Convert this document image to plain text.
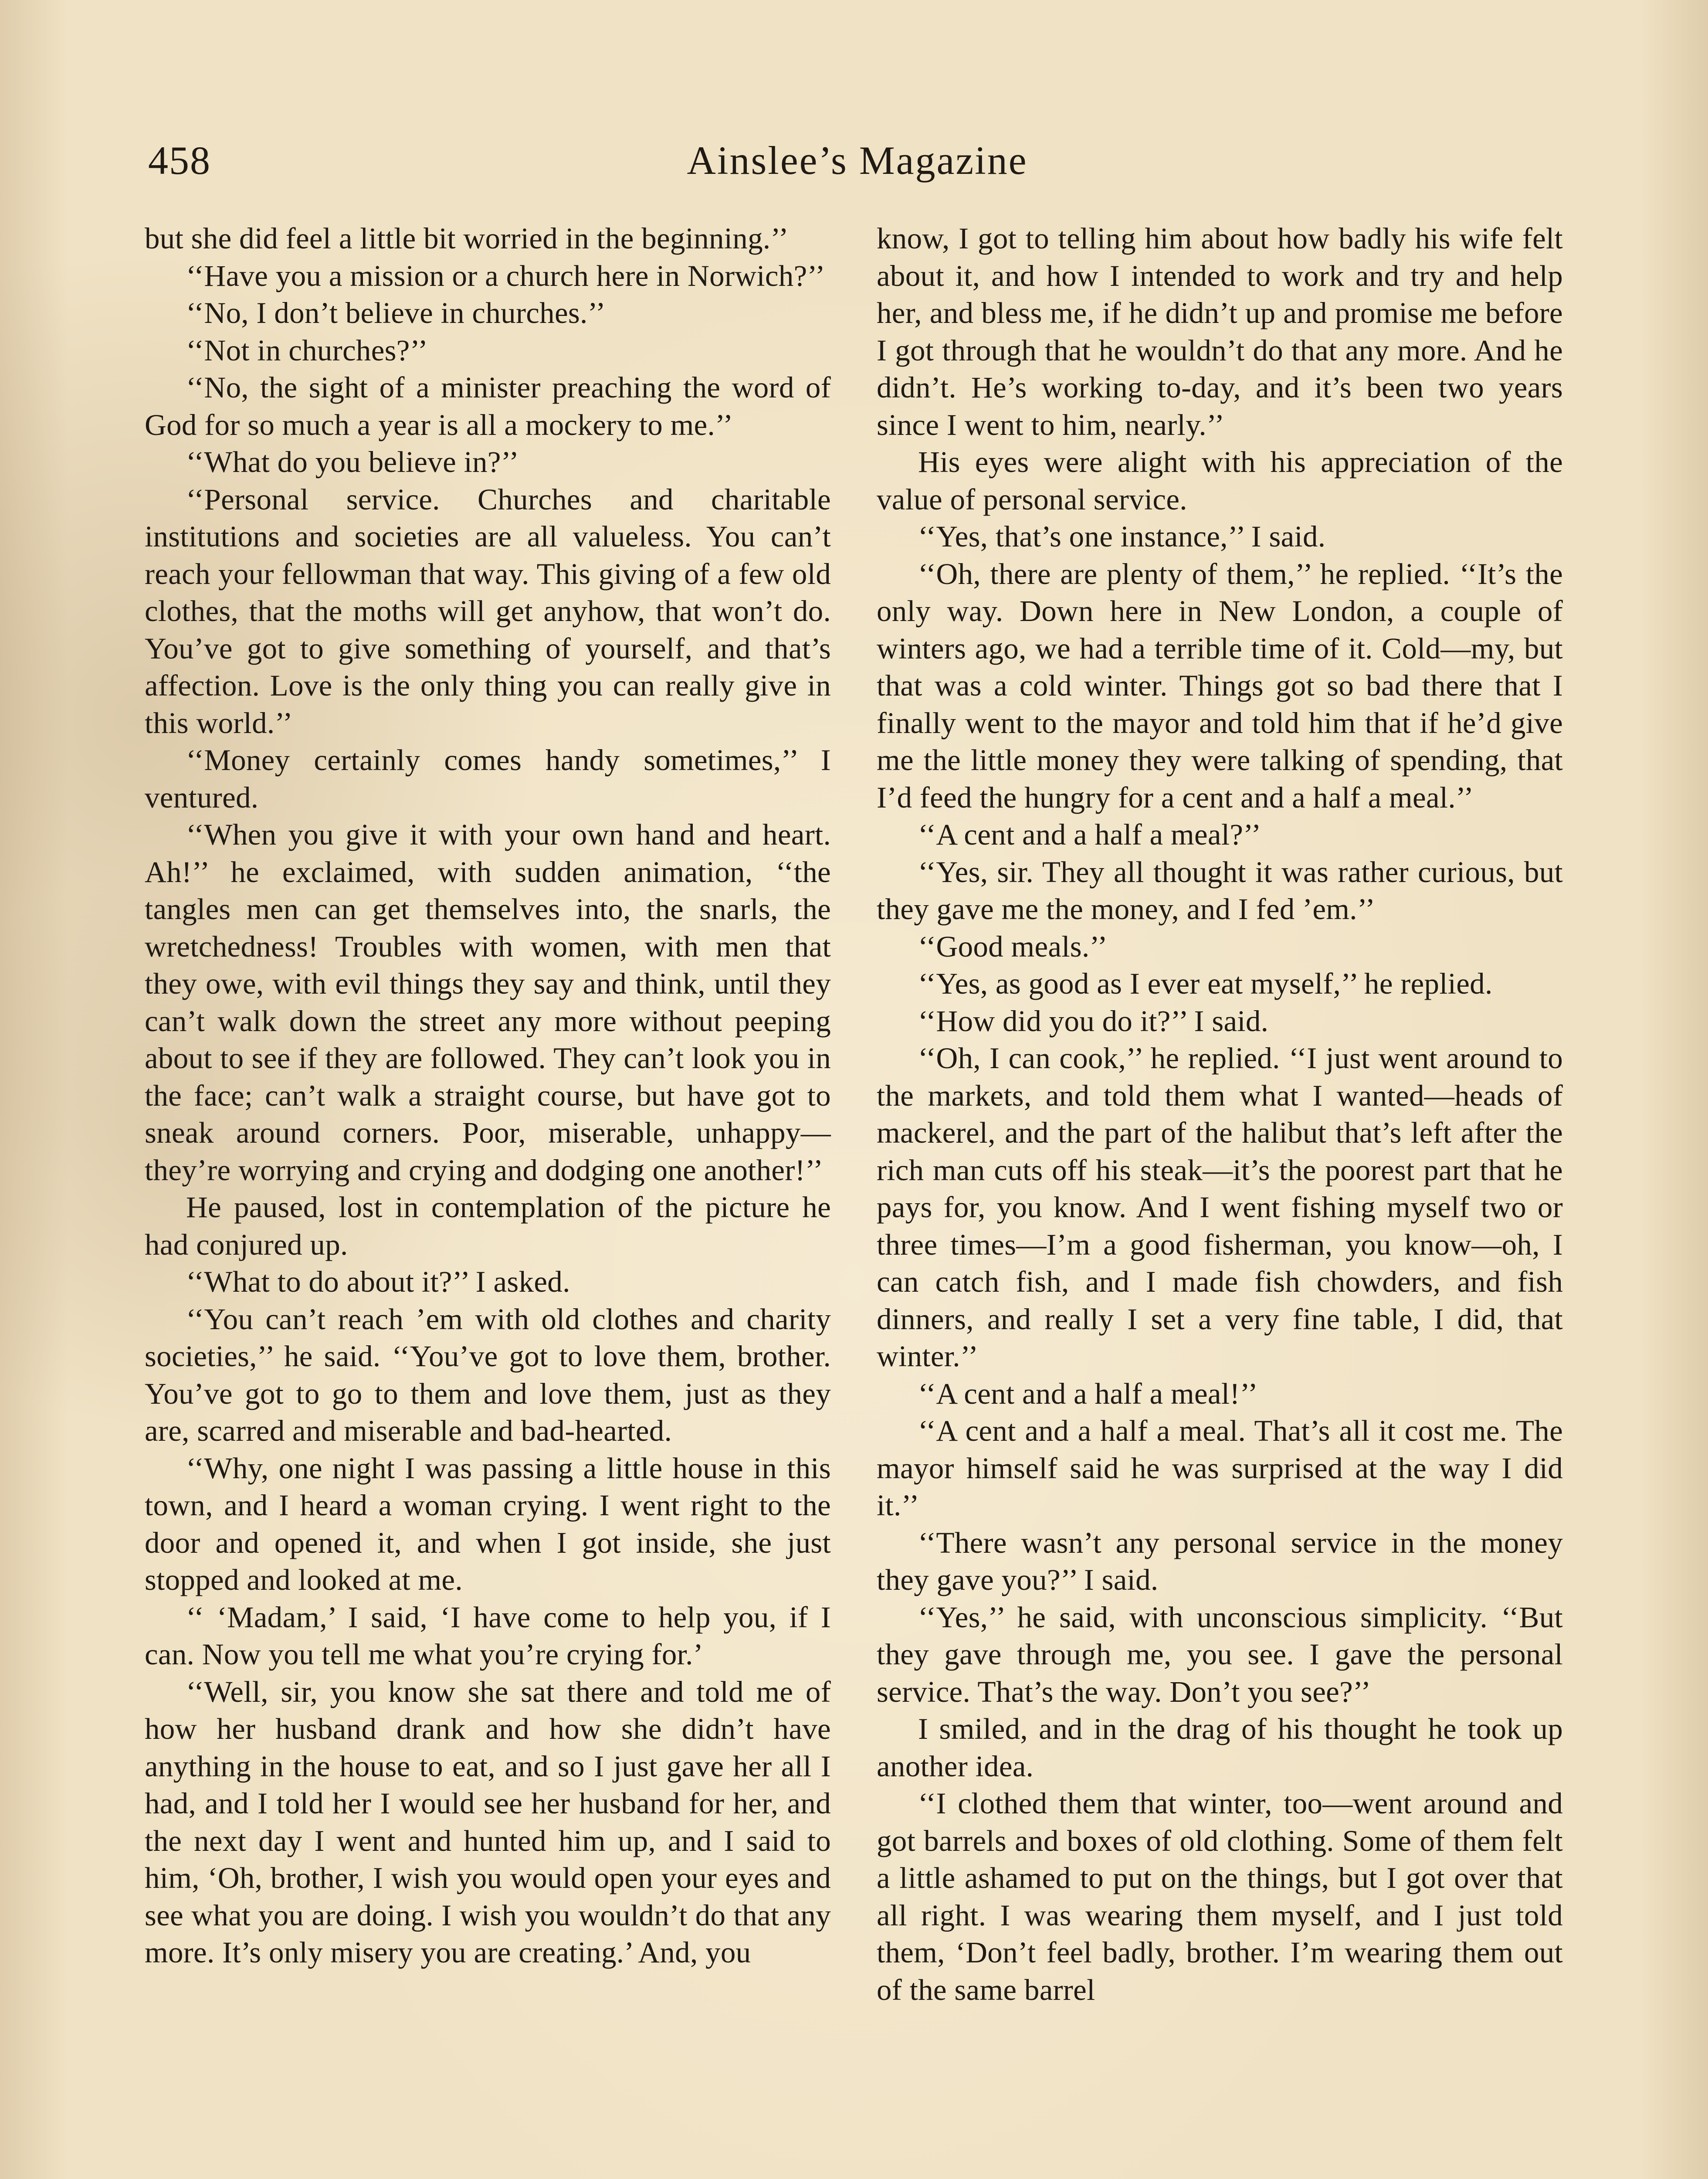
458	Ainslee’s Magazine

but she did feel a little bit worried in the beginning.’’

‘‘Have you a mission or a church here in Norwich?’’

‘‘No, I don’t believe in churches.’’

‘‘Not in churches?’’

‘‘No, the sight of a minister preaching the word of God for so much a year is all a mockery to me.’’

‘‘What do you believe in?’’

‘‘Personal service. Churches and charitable institutions and societies are all valueless. You can’t reach your fellowman that way. This giving of a few old clothes, that the moths will get anyhow, that won’t do. You’ve got to give something of yourself, and that’s affection. Love is the only thing you can really give in this world.’’

‘‘Money certainly comes handy sometimes,’’ I ventured.

‘‘When you give it with your own hand and heart. Ah!’’ he exclaimed, with sudden animation, ‘‘the tangles men can get themselves into, the snarls, the wretchedness! Troubles with women, with men that they owe, with evil things they say and think, until they can’t walk down the street any more without peeping about to see if they are followed. They can’t look you in the face; can’t walk a straight course, but have got to sneak around corners. Poor, miserable, unhappy—they’re worrying and crying and dodging one another!’’

He paused, lost in contemplation of the picture he had conjured up.

‘‘What to do about it?’’ I asked.

‘‘You can’t reach ’em with old clothes and charity societies,’’ he said. ‘‘You’ve got to love them, brother. You’ve got to go to them and love them, just as they are, scarred and miserable and bad-hearted.

‘‘Why, one night I was passing a little house in this town, and I heard a woman crying. I went right to the door and opened it, and when I got inside, she just stopped and looked at me.

‘‘ ‘Madam,’ I said, ‘I have come to help you, if I can. Now you tell me what you’re crying for.’

‘‘Well, sir, you know she sat there and told me of how her husband drank and how she didn’t have anything in the house to eat, and so I just gave her all I had, and I told her I would see her husband for her, and the next day I went and hunted him up, and I said to him, ‘Oh, brother, I wish you would open your eyes and see what you are doing. I wish you wouldn’t do that any more. It’s only misery you are creating.’ And, you

know, I got to telling him about how badly his wife felt about it, and how I intended to work and try and help her, and bless me, if he didn’t up and promise me before I got through that he wouldn’t do that any more. And he didn’t. He’s working to-day, and it’s been two years since I went to him, nearly.’’

His eyes were alight with his appreciation of the value of personal service.

‘‘Yes, that’s one instance,’’ I said.

‘‘Oh, there are plenty of them,’’ he replied. ‘‘It’s the only way. Down here in New London, a couple of winters ago, we had a terrible time of it. Cold—my, but that was a cold winter. Things got so bad there that I finally went to the mayor and told him that if he’d give me the little money they were talking of spending, that I’d feed the hungry for a cent and a half a meal.’’

‘‘A cent and a half a meal?’’

‘‘Yes, sir. They all thought it was rather curious, but they gave me the money, and I fed ’em.’’

‘‘Good meals.’’

‘‘Yes, as good as I ever eat myself,’’ he replied.

‘‘How did you do it?’’ I said.

‘‘Oh, I can cook,’’ he replied. ‘‘I just went around to the markets, and told them what I wanted—heads of mackerel, and the part of the halibut that’s left after the rich man cuts off his steak—it’s the poorest part that he pays for, you know. And I went fishing myself two or three times—I’m a good fisherman, you know—oh, I can catch fish, and I made fish chowders, and fish dinners, and really I set a very fine table, I did, that winter.’’

‘‘A cent and a half a meal!’’

‘‘A cent and a half a meal. That’s all it cost me. The mayor himself said he was surprised at the way I did it.’’

‘‘There wasn’t any personal service in the money they gave you?’’ I said.

‘‘Yes,’’ he said, with unconscious simplicity. ‘‘But they gave through me, you see. I gave the personal service. That’s the way. Don’t you see?’’

I smiled, and in the drag of his thought he took up another idea.

‘‘I clothed them that winter, too—went around and got barrels and boxes of old clothing. Some of them felt a little ashamed to put on the things, but I got over that all right. I was wearing them myself, and I just told them, ‘Don’t feel badly, brother. I’m wearing them out of the same barrel
